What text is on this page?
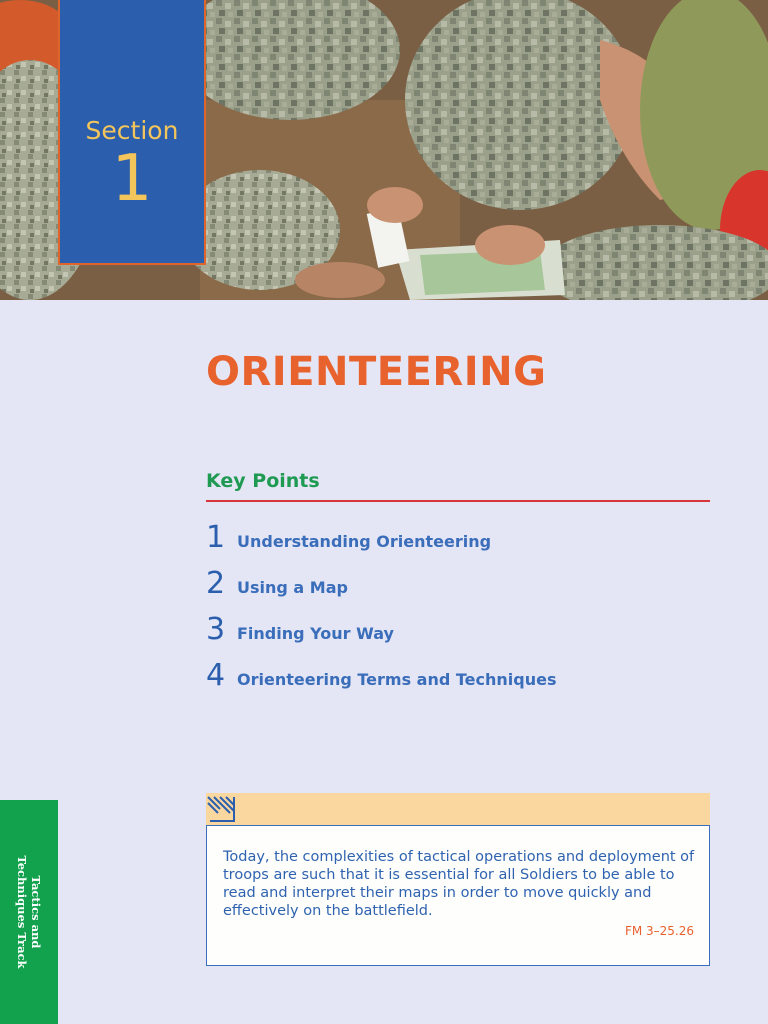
Section
1
ORIENTEERING
Key Points
1 Understanding Orienteering
2 Using a Map
3 Finding Your Way
4 Orienteering Terms and Techniques

Today, the complexities of tactical operations and deployment of troops are such that it is essential for all Soldiers to be able to read and interpret their maps in order to move quickly and effectively on the battlefield.

FM 3–25.26
Tactics and
Techniques Track
